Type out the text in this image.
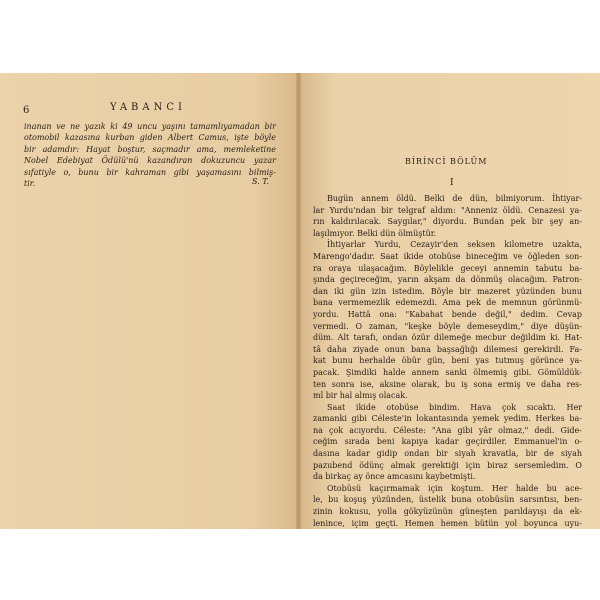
6	YABANCI

inanan ve ne yazık ki 49 uncu yaşını tamamlıyamadan bir

otomobil kazasına kurban giden Albert Camus, işte böyle

bir adamdır: Hayat boştur, saçmadır ama, memleketine

Nobel Edebiyat Ödülü'nü kazandıran dokuzuncu yazar

sıfatiyle o, bunu bir kahraman gibi yaşamasını bilmiş-

tir.	S. T.
BİRİNCİ BÖLÜM
I
Bugün annem öldü. Belki de dün, bilmiyorum. İhtiyar-
lar Yurdu'ndan bir telgraf aldım: "Anneniz öldü. Cenazesi ya-
rın kaldırılacak. Saygılar," diyordu. Bundan pek bir şey an-
laşılmıyor. Belki dün ölmüştür.
İhtiyarlar Yurdu, Cezayir'den seksen kilometre uzakta,
Marengo'dadır. Saat ikide otobüse bineceğim ve öğleden son-
ra oraya ulaşacağım. Böylelikle geceyi annemin tabutu ba-
şında geçireceğim, yarın akşam da dönmüş olacağım. Patron-
dan iki gün izin istedim. Böyle bir mazeret yüzünden bunu
bana vermemezlik edemezdi. Ama pek de memnun görünmü-
yordu. Hattâ ona: "Kabahat bende değil," dedim. Cevap
vermedi. O zaman, "keşke böyle demeseydim," diye düşün-
düm. Alt tarafı, ondan özür dilemeğe mecbur değildim ki. Hat-
tâ daha ziyade onun bana başsağlığı dilemesi gerekirdi. Fa-
kat bunu herhalde öbür gün, beni yas tutmuş görünce ya-
pacak. Şimdiki halde annem sanki ölmemiş gibi. Gömüldük-
ten sonra ise, aksine olarak, bu iş sona ermiş ve daha res-
mî bir hal almış olacak.
Saat ikide otobüse bindim. Hava çok sıcaktı. Her
zamanki gibi Céleste'in lokantasında yemek yedim. Herkes ba-
na çok acıyordu. Céleste: "Ana gibi yâr olmaz," dedi. Gide-
ceğim sırada beni kapıya kadar geçirdiler. Emmanuel'in o-
dasına kadar gidip ondan bir siyah kravatla, bir de siyah
pazubend ödünç almak gerektiği için biraz sersemledim. O
da birkaç ay önce amcasını kaybetmişti.
Otobüsü kaçırmamak için koştum. Her halde bu ace-
le, bu koşuş yüzünden, üstelik buna otobüsün sarsıntısı, ben-
zinin kokusu, yolla gökyüzünün güneşten parıldayışı da ek-
lenince, içim geçti. Hemen hemen bütün yol boyunca uyu-
